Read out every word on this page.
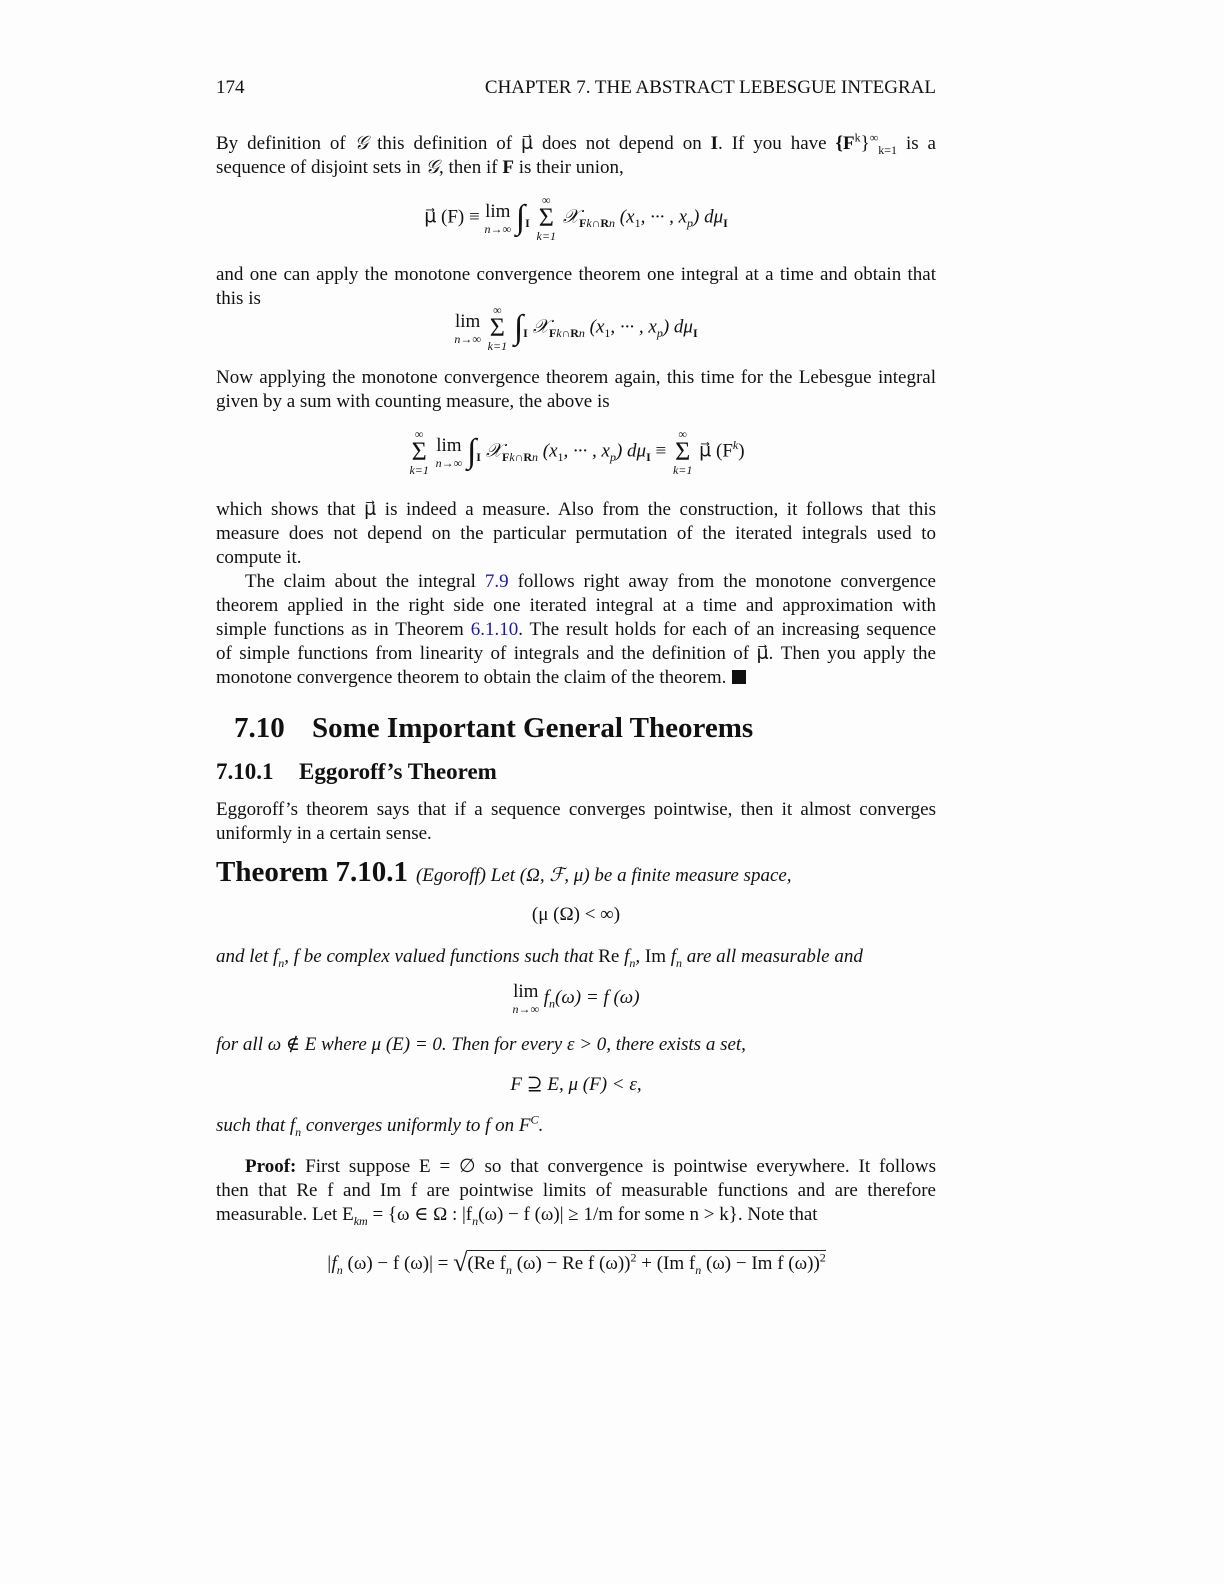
174	CHAPTER 7. THE ABSTRACT LEBESGUE INTEGRAL
By definition of 𝒢 this definition of μ⃗ does not depend on I. If you have $\{F^k\}^\infty_{k=1}$ is a
sequence of disjoint sets in 𝒢, then if F is their union,
μ⃗ (F) ≡ lim
n→∞ $\int_I$
∞
Σ
k=1
𝒳$_{Fk\cap Rn}$ ($x_1$, ··· , $x_p$) $d\mu_I$
and one can apply the monotone convergence theorem one integral at a time and obtain that
this is
lim
n→∞

∞
Σ
k=1 $\int_I$ 𝒳$_{Fk\cap Rn}$ ($x_1$, ··· , $x_p$) $d\mu_I$
Now applying the monotone convergence theorem again, this time for the Lebesgue integral
given by a sum with counting measure, the above is
∞
Σ
k=1
lim
n→∞ $\int_I$ 𝒳$_{Fk\cap Rn}$ ($x_1$, ··· , $x_p$) $d\mu_I$ ≡
∞
Σ
k=1
μ⃗ $(F^k)$
which shows that μ⃗ is indeed a measure. Also from the construction, it follows that this
measure does not depend on the particular permutation of the iterated integrals used to
compute it.
The claim about the integral 7.9 follows right away from the monotone convergence
theorem applied in the right side one iterated integral at a time and approximation with
simple functions as in Theorem 6.1.10. The result holds for each of an increasing sequence
of simple functions from linearity of integrals and the definition of μ⃗. Then you apply the
monotone convergence theorem to obtain the claim of the theorem.
7.10 Some Important General Theorems
7.10.1 Eggoroff’s Theorem
Eggoroff’s theorem says that if a sequence converges pointwise, then it almost converges
uniformly in a certain sense.
Theorem 7.10.1 (Egoroff) Let (Ω, ℱ, μ) be a finite measure space,
(μ (Ω) < ∞)
and let $f_n$, f be complex valued functions such that Re $f_n$, Im $f_n$ are all measurable and
lim
n→∞
$f_n(\omega) = f$ (ω)
for all ω ∉ E where μ (E) = 0. Then for every ε > 0, there exists a set,
F ⊇ E, μ (F) < ε,
such that $f_n$ converges uniformly to f on $F^C$.
Proof: First suppose E = ∅ so that convergence is pointwise everywhere. It follows
then that Re f and Im f are pointwise limits of measurable functions and are therefore
measurable. Let $E_{km} = \{\omega$ ∈ Ω : $|f_n(\omega) - f$ (ω)| ≥ 1/m for some n > k}. Note that
$|f_n$ (ω) − f (ω)| = √(Re $f_n$ (ω) − Re f (ω))$^2$ + (Im $f_n$ (ω) − Im f (ω))$^2$
